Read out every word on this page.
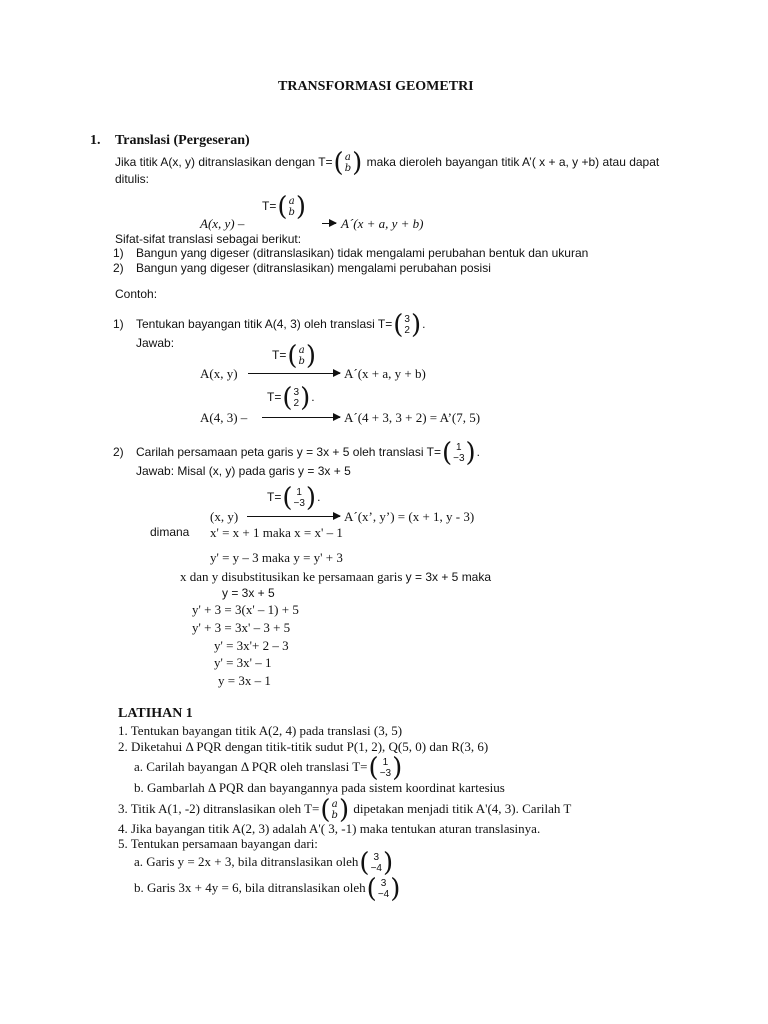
TRANSFORMASI GEOMETRI
1. Translasi (Pergeseran)
Jika titik A(x, y) ditranslasikan dengan T= ( a
b ) maka dieroleh bayangan titik A’( x + a, y +b) atau dapat
ditulis:
T= ( a
b )
A(x, y) –	A´(x + a, y + b)
Sifat-sifat translasi sebagai berikut:
1) Bangun yang digeser (ditranslasikan) tidak mengalami perubahan bentuk dan ukuran
2) Bangun yang digeser (ditranslasikan) mengalami perubahan posisi
Contoh:
1) Tentukan bayangan titik A(4, 3) oleh translasi T= ( 3
2 ) .
Jawab:
T= ( a
b )
A(x, y)	A´(x + a, y + b)
T= ( 3
2 ) .
A(4, 3) –	A´(4 + 3, 3 + 2) = A’(7, 5)
2) Carilah persamaan peta garis y = 3x + 5 oleh translasi T= ( 1
−3 ) .
Jawab: Misal (x, y) pada garis y = 3x + 5
T= ( 1
−3 ) .
(x, y)	A´(x’, y’) = (x + 1, y - 3)
dimana x' = x + 1 maka x = x' – 1
y' = y – 3 maka y = y' + 3
x dan y disubstitusikan ke persamaan garis y = 3x + 5 maka
y = 3x + 5
y' + 3 = 3(x' – 1) + 5
y' + 3 = 3x' – 3 + 5
y' = 3x'+ 2 – 3
y' = 3x' – 1
y = 3x – 1
LATIHAN 1
1. Tentukan bayangan titik A(2, 4) pada translasi (3, 5)
2. Diketahui Δ PQR dengan titik-titik sudut P(1, 2), Q(5, 0) dan R(3, 6)
a. Carilah bayangan Δ PQR oleh translasi T= ( 1
−3 )
b. Gambarlah Δ PQR dan bayangannya pada sistem koordinat kartesius
3. Titik A(1, -2) ditranslasikan oleh T= ( a
b ) dipetakan menjadi titik A'(4, 3). Carilah T
4. Jika bayangan titik A(2, 3) adalah A'( 3, -1) maka tentukan aturan translasinya.
5. Tentukan persamaan bayangan dari:
a. Garis y = 2x + 3, bila ditranslasikan oleh ( 3
−4 )
b. Garis 3x + 4y = 6, bila ditranslasikan oleh ( 3
−4 )
